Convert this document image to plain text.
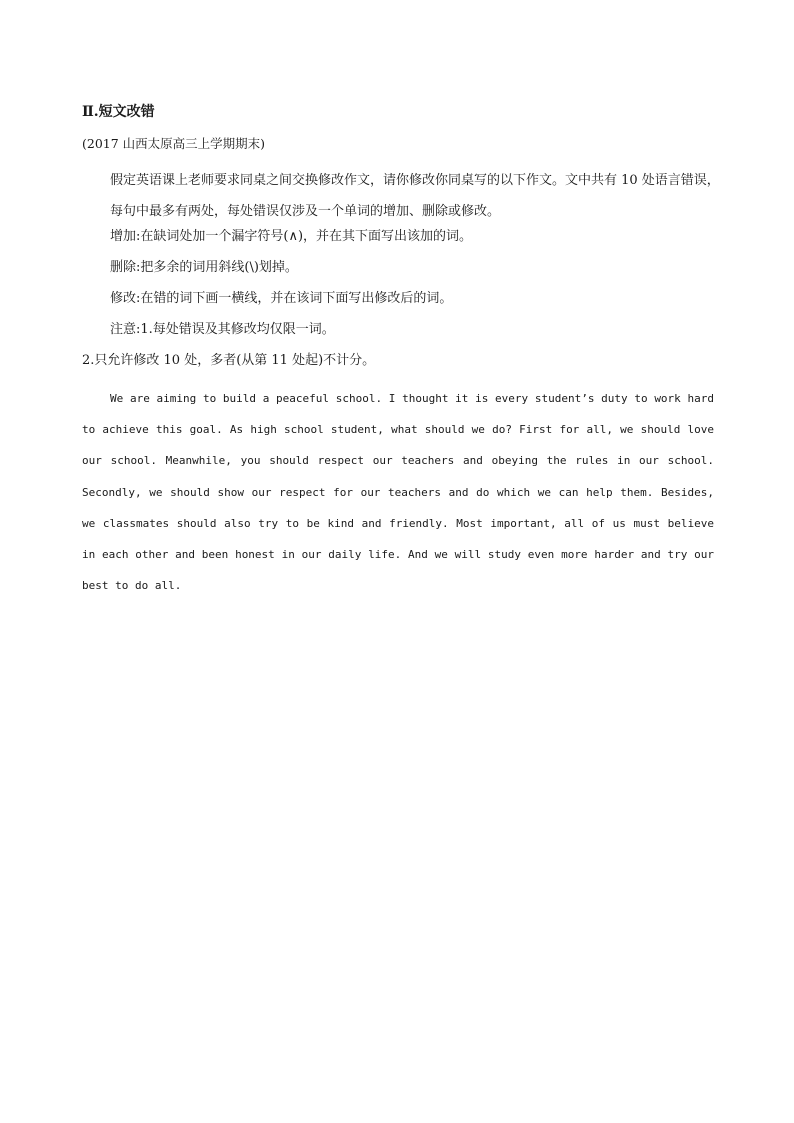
Ⅱ.短文改错
(2017 山西太原高三上学期期末)
假定英语课上老师要求同桌之间交换修改作文，请你修改你同桌写的以下作文。文中共有 10 处语言错误，每句中最多有两处，每处错误仅涉及一个单词的增加、删除或修改。
增加:在缺词处加一个漏字符号(∧)，并在其下面写出该加的词。
删除:把多余的词用斜线(\)划掉。
修改:在错的词下画一横线，并在该词下面写出修改后的词。
注意:1.每处错误及其修改均仅限一词。
2.只允许修改 10 处，多者(从第 11 处起)不计分。

We are aiming to build a peaceful school. I thought it is every student’s duty to work hard to achieve this goal. As high school student, what should we do? First for all, we should love our school. Meanwhile, you should respect our teachers and obeying the rules in our school. Secondly, we should show our respect for our teachers and do which we can help them. Besides, we classmates should also try to be kind and friendly. Most important, all of us must believe in each other and been honest in our daily life. And we will study even more harder and try our best to do all.
